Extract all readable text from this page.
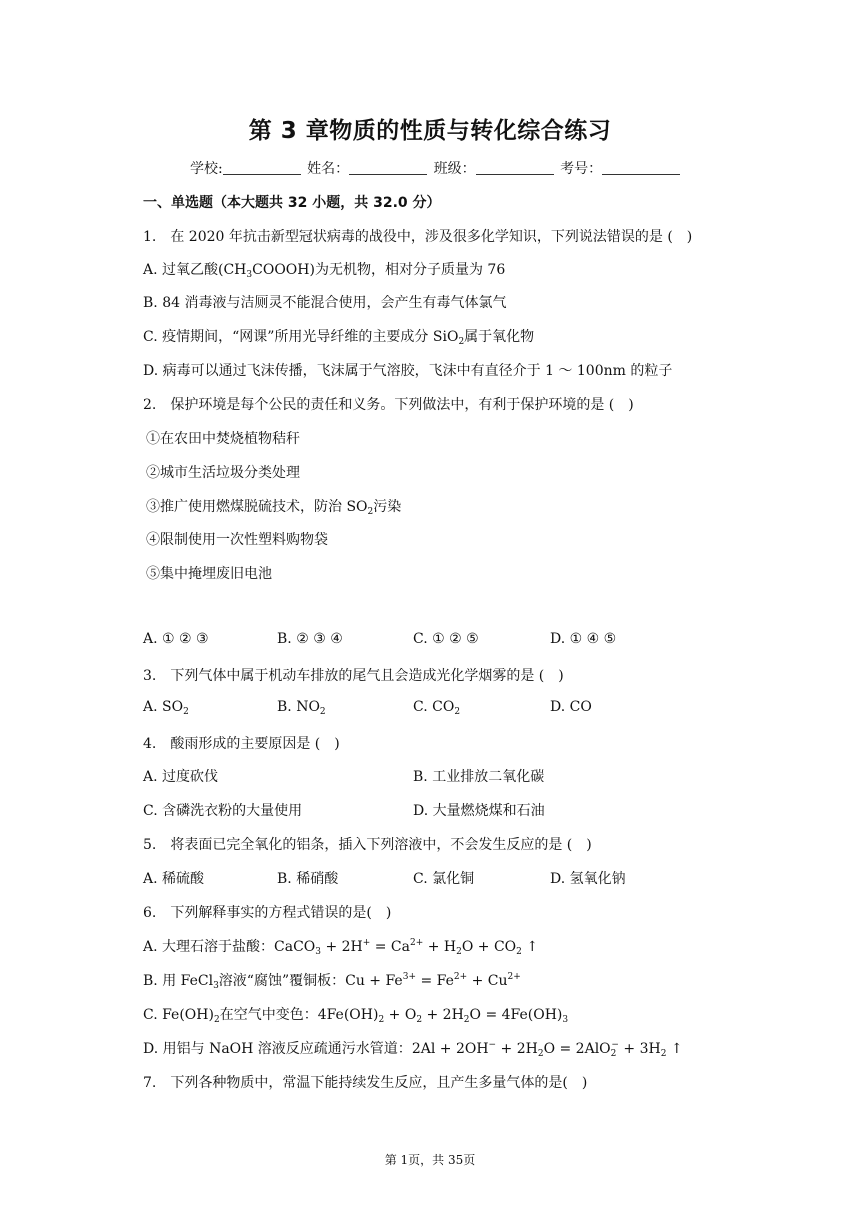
第 3 章物质的性质与转化综合练习
学校:	姓名：	班级：	考号：
一、单选题（本大题共 32 小题，共 32.0 分）
1.　在 2020 年抗击新型冠状病毒的战役中，涉及很多化学知识，下列说法错误的是 (　)
A. 过氧乙酸$(CH_3COOOH)$为无机物，相对分子质量为 76
B. 84 消毒液与洁厕灵不能混合使用，会产生有毒气体氯气
C. 疫情期间，“网课”所用光导纤维的主要成分 SiO$_2$属于氧化物
D. 病毒可以通过飞沫传播，飞沫属于气溶胶，飞沫中有直径介于 1 ～ 100nm 的粒子
2.　保护环境是每个公民的责任和义务。下列做法中，有利于保护环境的是 (　)
①在农田中焚烧植物秸秆
②城市生活垃圾分类处理
③推广使用燃煤脱硫技术，防治 $SO_2$污染
④限制使用一次性塑料购物袋
⑤集中掩埋废旧电池
A. ① ② ③	B. ② ③ ④	C. ① ② ⑤	D. ① ④ ⑤
3.　下列气体中属于机动车排放的尾气且会造成光化学烟雾的是 (　)
A. $SO_2$	B. $NO_2$	C. $CO_2$	D. CO
4.　酸雨形成的主要原因是 (　)
A. 过度砍伐	B. 工业排放二氧化碳
C. 含磷洗衣粉的大量使用	D. 大量燃烧煤和石油
5.　将表面已完全氧化的铝条，插入下列溶液中，不会发生反应的是 (　)
A. 稀硫酸	B. 稀硝酸	C. 氯化铜	D. 氢氧化钠
6.　下列解释事实的方程式错误的是(　)
A. 大理石溶于盐酸：CaCO$_3$ + $2H^+ = Ca^{2+} + H_2O + CO_2$ ↑
B. 用 FeCl$_3$溶液“腐蚀”覆铜板：$Cu + Fe^{3+} = Fe^{2+} + Cu^{2+}$
C. $Fe(OH)_2$在空气中变色：$4Fe(OH)_2 + O_2 + 2H_2O = 4Fe(OH)_3$
D. 用铝与 NaOH 溶液反应疏通污水管道：$2Al + 2OH^- + 2H_2O = 2AlO_2^- + 3H_2$ ↑
7.　下列各种物质中，常温下能持续发生反应，且产生多量气体的是(　)
第 1页，共 35页
